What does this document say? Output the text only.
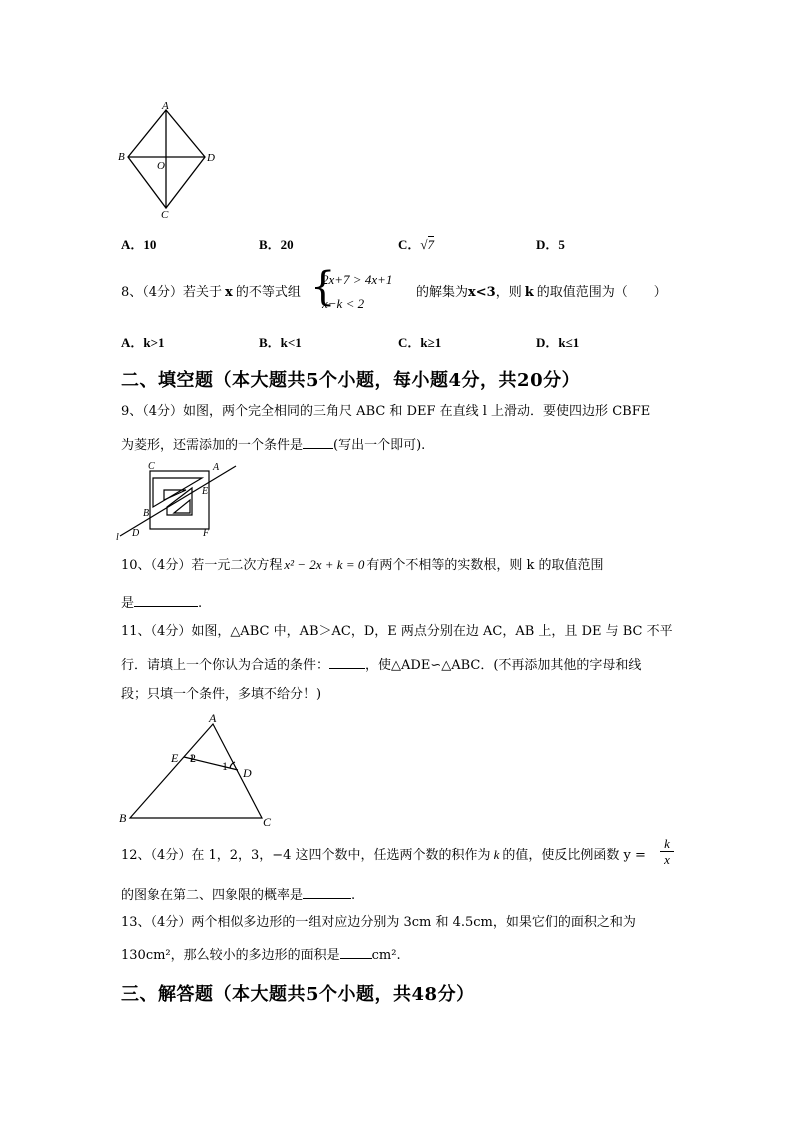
A
B
O
D
C
A．10	B．20	C．√7	D．5
8、（4分）若关于 x 的不等式组 {
2x+7 > 4x+1
x−k < 2
的解集为x<3，则 k 的取值范围为（　　）
A．k>1	B．k<1	C．k≥1	D．k≤1
二、填空题（本大题共5个小题，每小题4分，共20分）
9、（4分）如图，两个完全相同的三角尺 ABC 和 DEF 在直线 l 上滑动．要使四边形 CBFE
为菱形，还需添加的一个条件是 (写出一个即可).
C	A
E
B
D	F
l
10、（4分）若一元二次方程 x² − 2x + k = 0 有两个不相等的实数根，则 k 的取值范围
是	.
11、（4分）如图，△ABC 中，AB＞AC，D，E 两点分别在边 AC，AB 上，且 DE 与 BC 不平
行．请填上一个你认为合适的条件：	，使△ADE∽△ABC．(不再添加其他的字母和线
段；只填一个条件，多填不给分！)
A
E 2
1 D
B	C
12、（4分）在 1，2，3，−4 这四个数中，任选两个数的积作为 k 的值，使反比例函数 $y = \frac{k}{x}$
的图象在第二、四象限的概率是	.
13、（4分）两个相似多边形的一组对应边分别为 3cm 和 4.5cm，如果它们的面积之和为
130cm²，那么较小的多边形的面积是 cm².
三、解答题（本大题共5个小题，共48分）
